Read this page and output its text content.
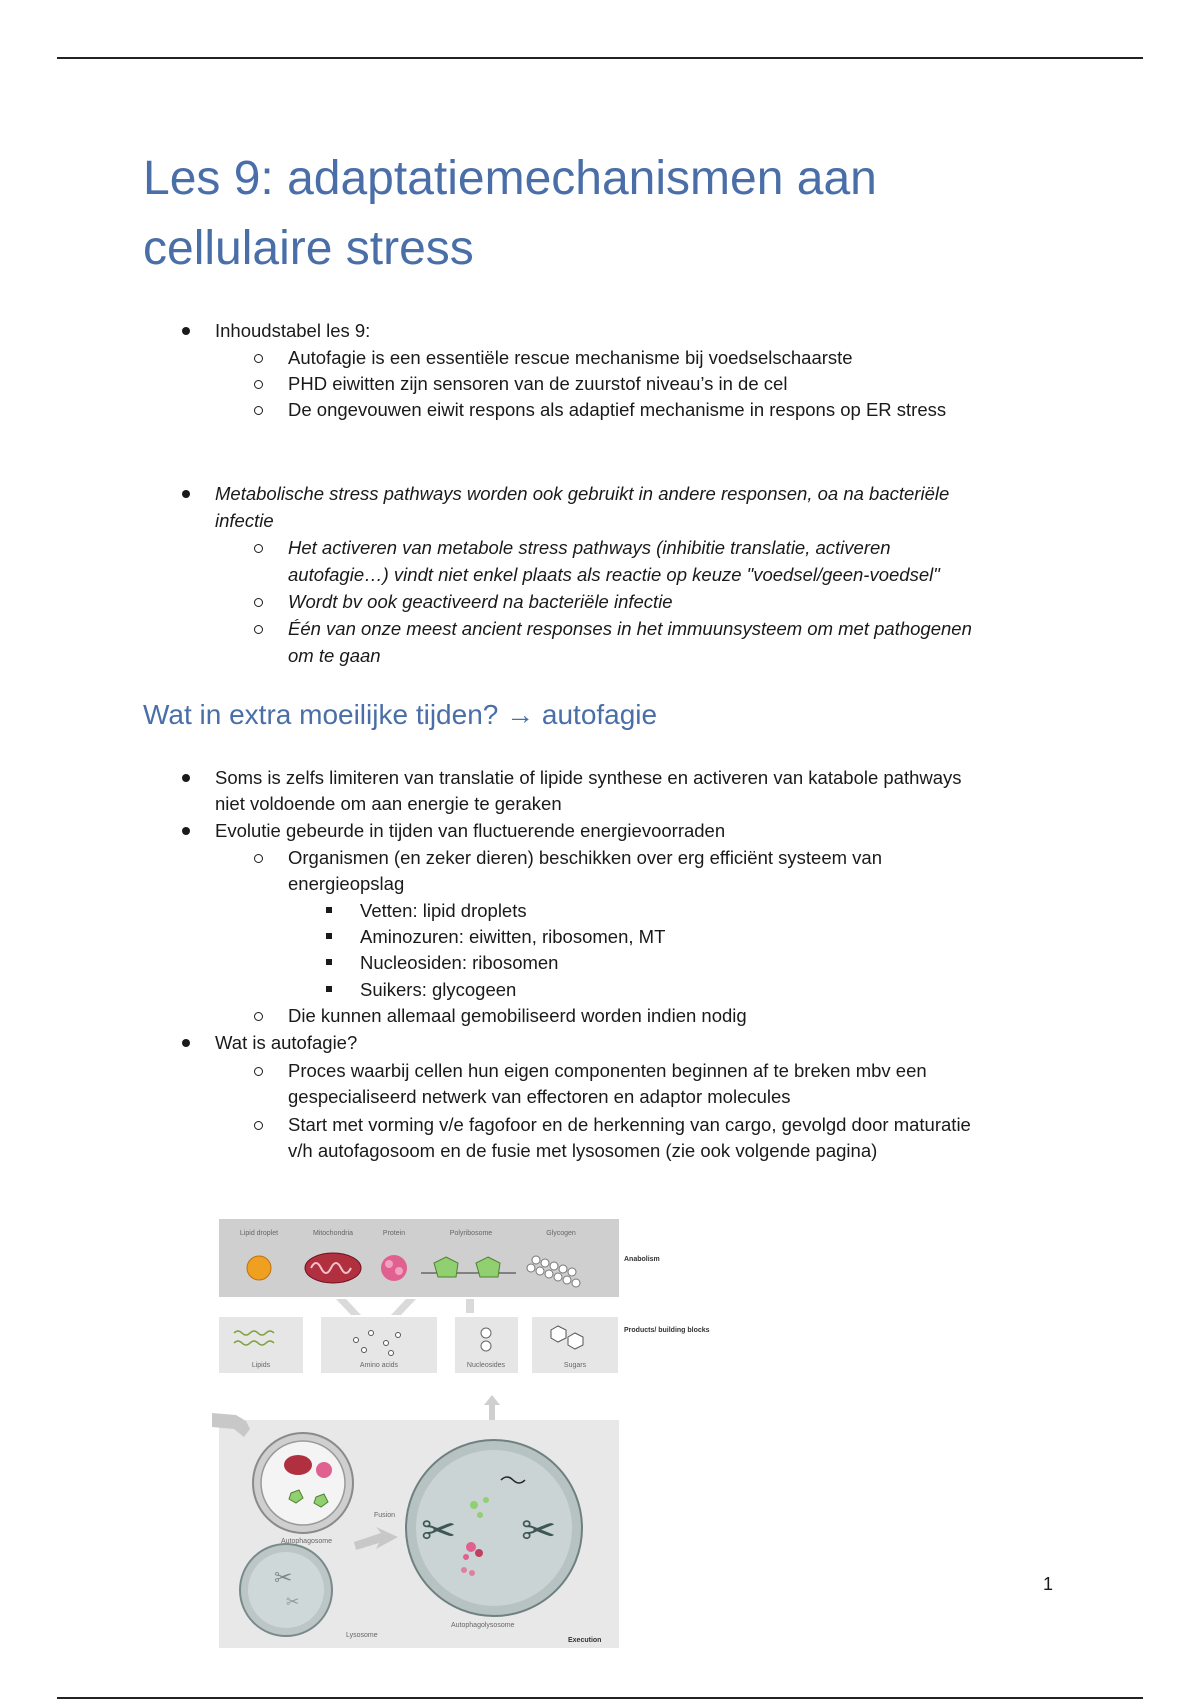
Les 9: adaptatiemechanismen aan cellulaire stress
Inhoudstabel les 9:
Autofagie is een essentiële rescue mechanisme bij voedselschaarste
PHD eiwitten zijn sensoren van de zuurstof niveau’s in de cel
De ongevouwen eiwit respons als adaptief mechanisme in respons op ER stress
Metabolische stress pathways worden ook gebruikt in andere responsen, oa na bacteriële
infectie
Het activeren van metabole stress pathways (inhibitie translatie, activeren
autofagie…) vindt niet enkel plaats als reactie op keuze "voedsel/geen-voedsel"
Wordt bv ook geactiveerd na bacteriële infectie
Één van onze meest ancient responses in het immuunsysteem om met pathogenen
om te gaan
Wat in extra moeilijke tijden? → autofagie
Soms is zelfs limiteren van translatie of lipide synthese en activeren van katabole pathways
niet voldoende om aan energie te geraken
Evolutie gebeurde in tijden van fluctuerende energievoorraden
Organismen (en zeker dieren) beschikken over erg efficiënt systeem van
energieopslag
Vetten: lipid droplets
Aminozuren: eiwitten, ribosomen, MT
Nucleosiden: ribosomen
Suikers: glycogeen
Die kunnen allemaal gemobiliseerd worden indien nodig
Wat is autofagie?
Proces waarbij cellen hun eigen componenten beginnen af te breken mbv een
gespecialiseerd netwerk van effectoren en adaptor molecules
Start met vorming v/e fagofoor en de herkenning van cargo, gevolgd door maturatie
v/h autofagosoom en de fusie met lysosomen (zie ook volgende pagina)
Lipid droplet	Mitochondria	Protein	Polyribosome	Glycogen
Anabolism
Lipids	Amino acids	Nucleosides	Sugars
Products/ building blocks
Autophagosome
Fusion
✂
✂
Lysosome
✂ ✂
Autophagolysosome
Execution
1
